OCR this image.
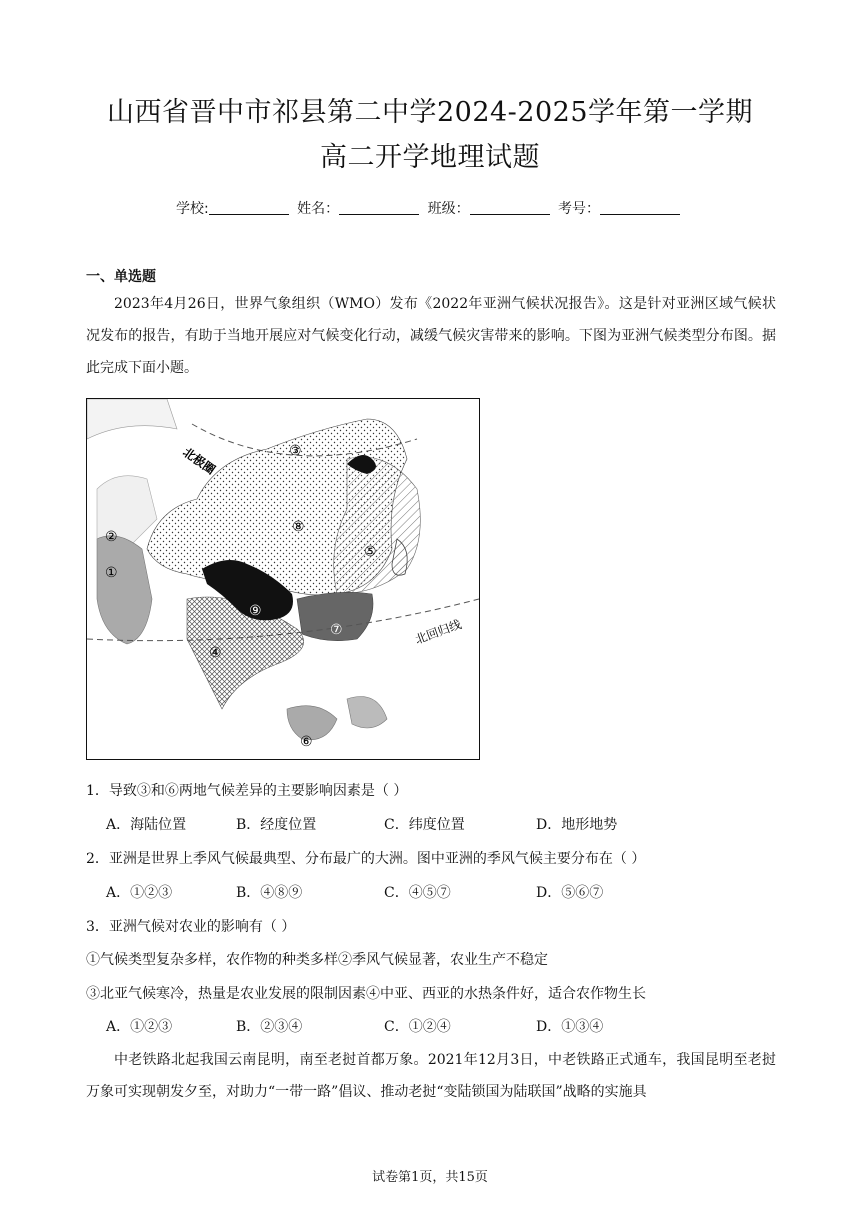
山西省晋中市祁县第二中学2024-2025学年第一学期
高二开学地理试题
学校:	姓名：	班级：	考号：
一、单选题
2023年4月26日，世界气象组织（WMO）发布《2022年亚洲气候状况报告》。这是针对亚洲区域气候状况发布的报告，有助于当地开展应对气候变化行动，减缓气候灾害带来的影响。下图为亚洲气候类型分布图。据此完成下面小题。
北极圈
北回归线
③
⑧
⑤
②
①
⑨
⑦
④
⑥
1．导致③和⑥两地气候差异的主要影响因素是（ ）
A．海陆位置	B．经度位置	C．纬度位置	D．地形地势
2．亚洲是世界上季风气候最典型、分布最广的大洲。图中亚洲的季风气候主要分布在（ ）
A．①②③	B．④⑧⑨	C．④⑤⑦	D．⑤⑥⑦
3．亚洲气候对农业的影响有（ ）
①气候类型复杂多样，农作物的种类多样②季风气候显著，农业生产不稳定
③北亚气候寒冷，热量是农业发展的限制因素④中亚、西亚的水热条件好，适合农作物生长
A．①②③	B．②③④	C．①②④	D．①③④
中老铁路北起我国云南昆明，南至老挝首都万象。2021年12月3日，中老铁路正式通车，我国昆明至老挝万象可实现朝发夕至，对助力“一带一路”倡议、推动老挝“变陆锁国为陆联国”战略的实施具
试卷第1页，共15页
